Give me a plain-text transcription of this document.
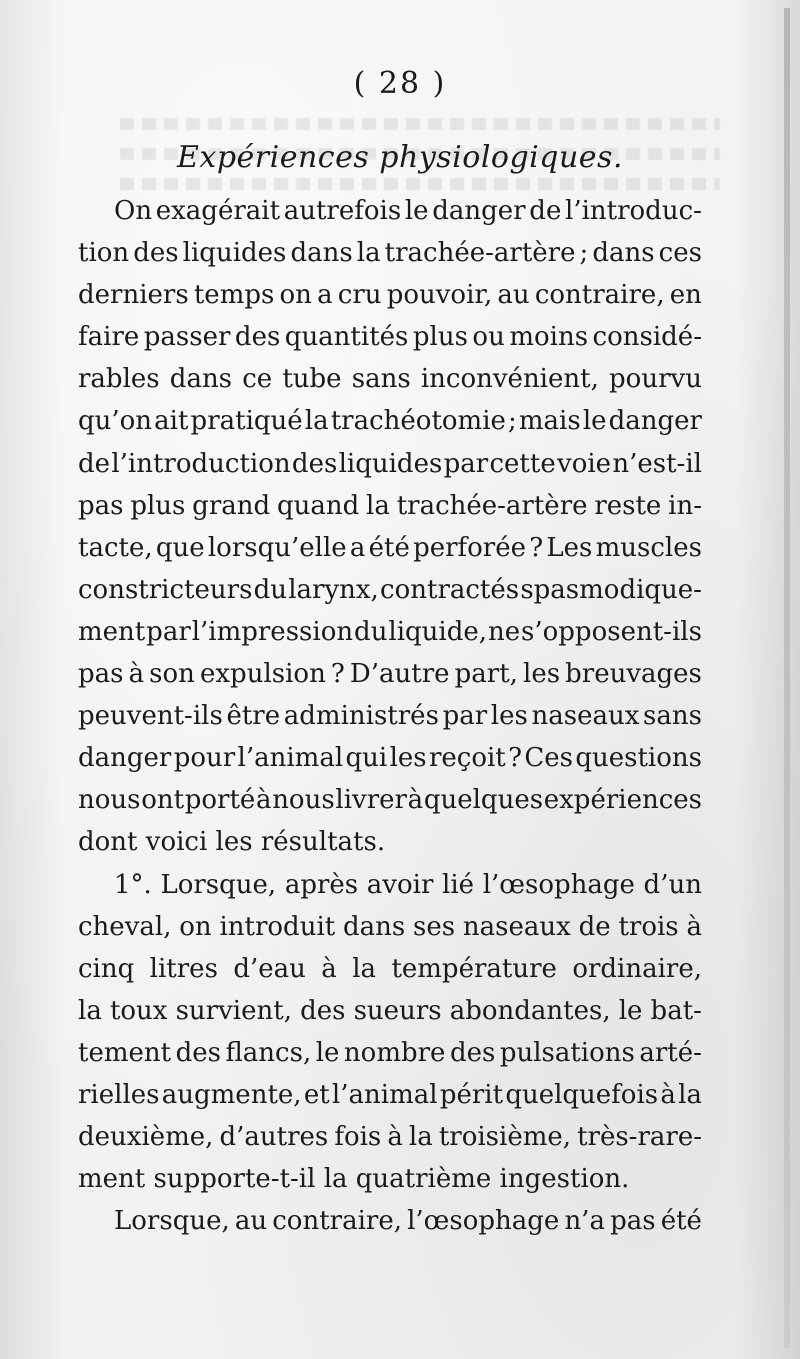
( 28 )
Expériences physiologiques.
On exagérait autrefois le danger de l’introduc-
tion des liquides dans la trachée-artère ; dans ces
derniers temps on a cru pouvoir, au contraire, en
faire passer des quantités plus ou moins considé-
rables dans ce tube sans inconvénient, pourvu
qu’on ait pratiqué la trachéotomie ; mais le danger
de l’introduction des liquides par cette voie n’est-il
pas plus grand quand la trachée-artère reste in-
tacte, que lorsqu’elle a été perforée ? Les muscles
constricteurs du larynx, contractés spasmodique-
ment par l’impression du liquide, ne s’opposent-ils
pas à son expulsion ? D’autre part, les breuvages
peuvent-ils être administrés par les naseaux sans
danger pour l’animal qui les reçoit ? Ces questions
nous ont porté à nous livrer à quelques expériences
dont voici les résultats.
1°. Lorsque, après avoir lié l’œsophage d’un
cheval, on introduit dans ses naseaux de trois à
cinq litres d’eau à la température ordinaire,
la toux survient, des sueurs abondantes, le bat-
tement des flancs, le nombre des pulsations arté-
rielles augmente, et l’animal périt quelquefois à la
deuxième, d’autres fois à la troisième, très-rare-
ment supporte-t-il la quatrième ingestion.
Lorsque, au contraire, l’œsophage n’a pas été
